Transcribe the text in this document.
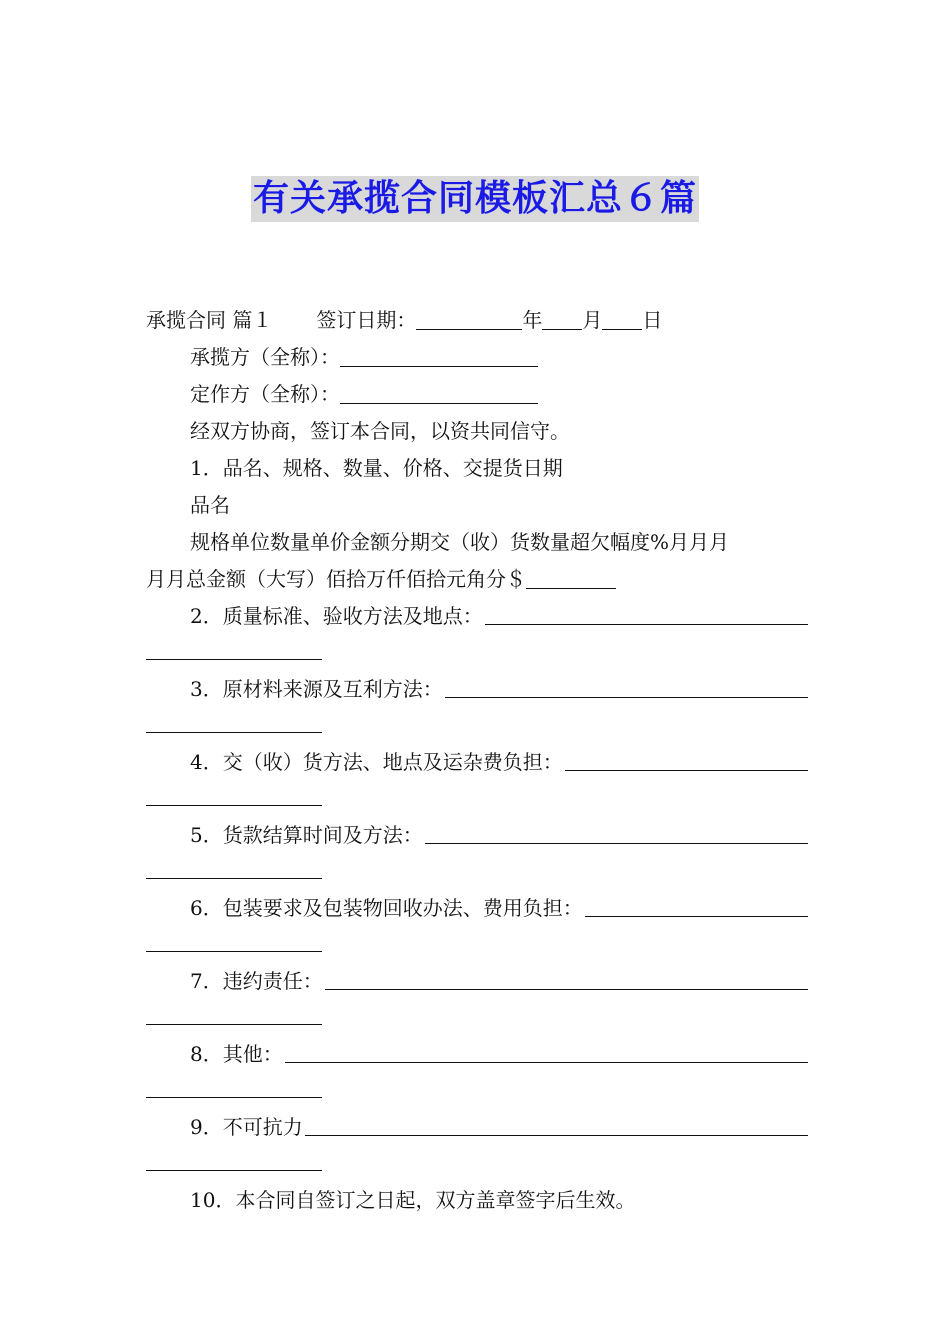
有关承揽合同模板汇总６篇
承揽合同 篇１ 签订日期：	年 月 日
承揽方（全称）：
定作方（全称）：
经双方协商，签订本合同，以资共同信守。
1．品名、规格、数量、价格、交提货日期
品名
规格单位数量单价金额分期交（收）货数量超欠幅度%月月月
月月总金额（大写）佰拾万仟佰拾元角分＄
2．质量标准、验收方法及地点：
3．原材料来源及互利方法：
4．交（收）货方法、地点及运杂费负担：
5．货款结算时间及方法：
6．包装要求及包装物回收办法、费用负担：
7．违约责任：
8．其他：
9．不可抗力
10．本合同自签订之日起，双方盖章签字后生效。
